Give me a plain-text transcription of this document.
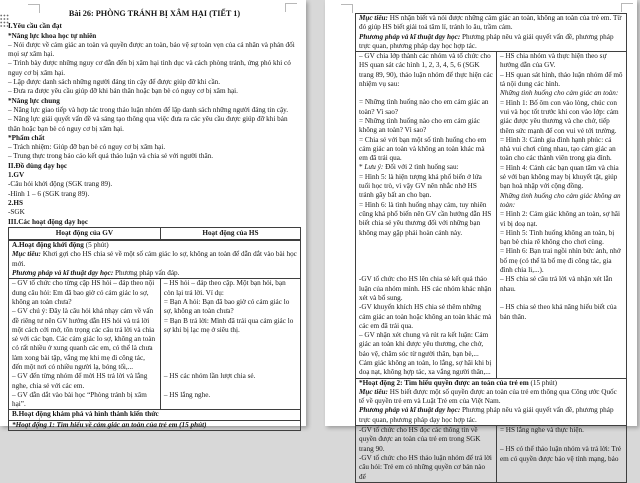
Bài 26: PHÒNG TRÁNH BỊ XÂM HẠI (TIẾT 1)
I.Yêu cầu cần đạt
*Năng lực khoa học tự nhiên
– Nói được về cảm giác an toàn và quyền được an toàn, bảo vệ sự toàn vẹn của cá nhân và phản đối mọi sự xâm hại.
– Trình bày được những nguy cơ dẫn đến bị xâm hại tình dục và cách phòng tránh, ứng phó khi có nguy cơ bị xâm hại.
– Lập được danh sách những người đáng tin cậy để được giúp đỡ khi cần.
– Đưa ra được yêu cầu giúp đỡ khi bản thân hoặc bạn bè có nguy cơ bị xâm hại.
*Năng lực chung
– Năng lực giao tiếp và hợp tác trong thảo luận nhóm để lập danh sách những người đáng tin cậy.
– Năng lực giải quyết vấn đề và sáng tạo thông qua việc đưa ra các yêu cầu được giúp đỡ khi bản thân hoặc bạn bè có nguy cơ bị xâm hại.
*Phẩm chất
– Trách nhiệm: Giúp đỡ bạn bè có nguy cơ bị xâm hại.
– Trung thực trong báo cáo kết quả thảo luận và chia sẻ với người thân.
II.Đồ dùng dạy học
1.GV
-Câu hỏi khởi động (SGK trang 89).
-Hình 1 – 6 (SGK trang 89).
2.HS
-SGK
III.Các hoạt động dạy học
Hoạt động của GV	Hoạt động của HS
A.Hoạt động khởi động (5 phút)
Mục tiêu: Khơi gợi cho HS chia sẻ về một số cảm giác lo sợ, không an toàn để dẫn dắt vào bài học mới.
Phương pháp và kĩ thuật dạy học: Phương pháp vấn đáp.
– GV tổ chức cho từng cặp HS hỏi – đáp theo nội dung câu hỏi: Em đã bao giờ có cảm giác lo sợ, không an toàn chưa?
– GV chú ý: Đây là câu hỏi khá nhạy cảm về vấn đề riêng tư nên GV hướng dẫn HS hỏi và trả lời một cách cởi mở, tôn trọng các câu trả lời và chia sẻ với các bạn. Các cảm giác lo sợ, không an toàn có rất nhiều ở xung quanh các em, có thể là chưa làm xong bài tập, vắng mẹ khi mẹ đi công tác, đến một nơi có nhiều người lạ, bóng tối,...
– HS hỏi – đáp theo cặp. Một bạn hỏi, bạn còn lại trả lời. Ví dụ:
= Bạn A hỏi: Bạn đã bao giờ có cảm giác lo sợ, không an toàn chưa?
= Bạn B trả lời: Mình đã trải qua cảm giác lo sợ khi bị lạc mẹ ở siêu thị.
– GV đến từng nhóm để mời HS trả lời và lắng nghe, chia sẻ với các em.
– HS các nhóm lần lượt chia sẻ.
– GV dẫn dắt vào bài học “Phòng tránh bị xâm hại”.
– HS lắng nghe.
B.Hoạt động khám phá và hình thành kiến thức
*Hoạt động 1: Tìm hiểu về cảm giác an toàn của trẻ em (15 phút)
Mục tiêu: HS nhận biết và nói được những cảm giác an toàn, không an toàn của trẻ em. Từ đó giúp HS biết giải toả tâm lí, tránh lo âu, trầm cảm.
Phương pháp và kĩ thuật dạy học: Phương pháp nêu và giải quyết vấn đề, phương pháp trực quan, phương pháp dạy học hợp tác.
– GV chia lớp thành các nhóm và tổ chức cho HS quan sát các hình 1, 2, 3, 4, 5, 6 (SGK trang 89, 90), thảo luận nhóm để thực hiện các nhiệm vụ sau:
= Những tình huống nào cho em cảm giác an toàn? Vì sao?
= Những tình huống nào cho em cảm giác không an toàn? Vì sao?
= Chia sẻ với bạn một số tình huống cho em cảm giác an toàn và không an toàn khác mà em đã trải qua.
* Lưu ý: Đối với 2 tình huống sau:
= Hình 5: là hiện tượng khá phổ biến ở lứa tuổi học trò, vì vậy GV nên nhắc nhở HS tránh gây bất an cho bạn.
= Hình 6: là tình huống nhạy cảm, tuy nhiên cũng khá phổ biến nên GV cần hướng dẫn HS biết chia sẻ yêu thương đối với những bạn không may gặp phải hoàn cảnh này.
– HS chia nhóm và thực hiện theo sự hướng dẫn của GV.
– HS quan sát hình, thảo luận nhóm để mô tả nội dung các hình.
Những tình huống cho cảm giác an toàn:
= Hình 1: Bố ôm con vào lòng, chúc con vui và học tốt trước khi con vào lớp: cảm giác được yêu thương và che chở, tiếp thêm sức mạnh để con vui vẻ tới trường.
= Hình 3: Cảnh gia đình hạnh phúc: cả nhà vui chơi cùng nhau, tạo cảm giác an toàn cho các thành viên trong gia đình.
= Hình 4: Cảnh các bạn quan tâm và chia sẻ với bạn không may bị khuyết tật, giúp bạn hoà nhập với cộng đồng.
Những tình huống cho cảm giác không an toàn:
= Hình 2: Cảm giác không an toàn, sợ hãi vì bị doạ nạt.
= Hình 5: Tình huống không an toàn, bị bạn bè chia rẽ không cho chơi cùng.
= Hình 6: Bạn trai ngồi nhìn bức ảnh, nhớ bố mẹ (có thể là bố mẹ đi công tác, gia đình chia li,...).
-GV tổ chức cho HS lên chia sẻ kết quả thảo luận của nhóm mình. HS các nhóm khác nhận xét và bổ sung.
– HS chia sẻ câu trả lời và nhận xét lẫn nhau.
-GV khuyến khích HS chia sẻ thêm những cảm giác an toàn hoặc không an toàn khác mà các em đã trải qua.
– HS chia sẻ theo khả năng hiểu biết của bản thân.
– GV nhận xét chung và rút ra kết luận: Cảm giác an toàn khi được yêu thương, che chở, bảo vệ, chăm sóc từ người thân, bạn bè,... Cảm giác không an toàn, lo lắng, sợ hãi khi bị doạ nạt, không hợp tác, xa vắng người thân,...
*Hoạt động 2: Tìm hiểu quyền được an toàn của trẻ em (15 phút)
Mục tiêu: HS biết được một số quyền được an toàn của trẻ em thông qua Công ước Quốc tế về quyền trẻ em và Luật Trẻ em của Việt Nam.
Phương pháp và kĩ thuật dạy học: Phương pháp nêu và giải quyết vấn đề, phương pháp trực quan, phương pháp dạy học hợp tác.
-GV tổ chức cho HS đọc các thông tin về quyền được an toàn của trẻ em trong SGK trang 90.
-GV tổ chức cho HS thảo luận nhóm để trả lời câu hỏi: Trẻ em có những quyền cơ bản nào để
= HS lắng nghe và thực hiện.
– HS có thể thảo luận nhóm và trả lời: Trẻ em có quyền được bảo vệ tính mạng, bảo
